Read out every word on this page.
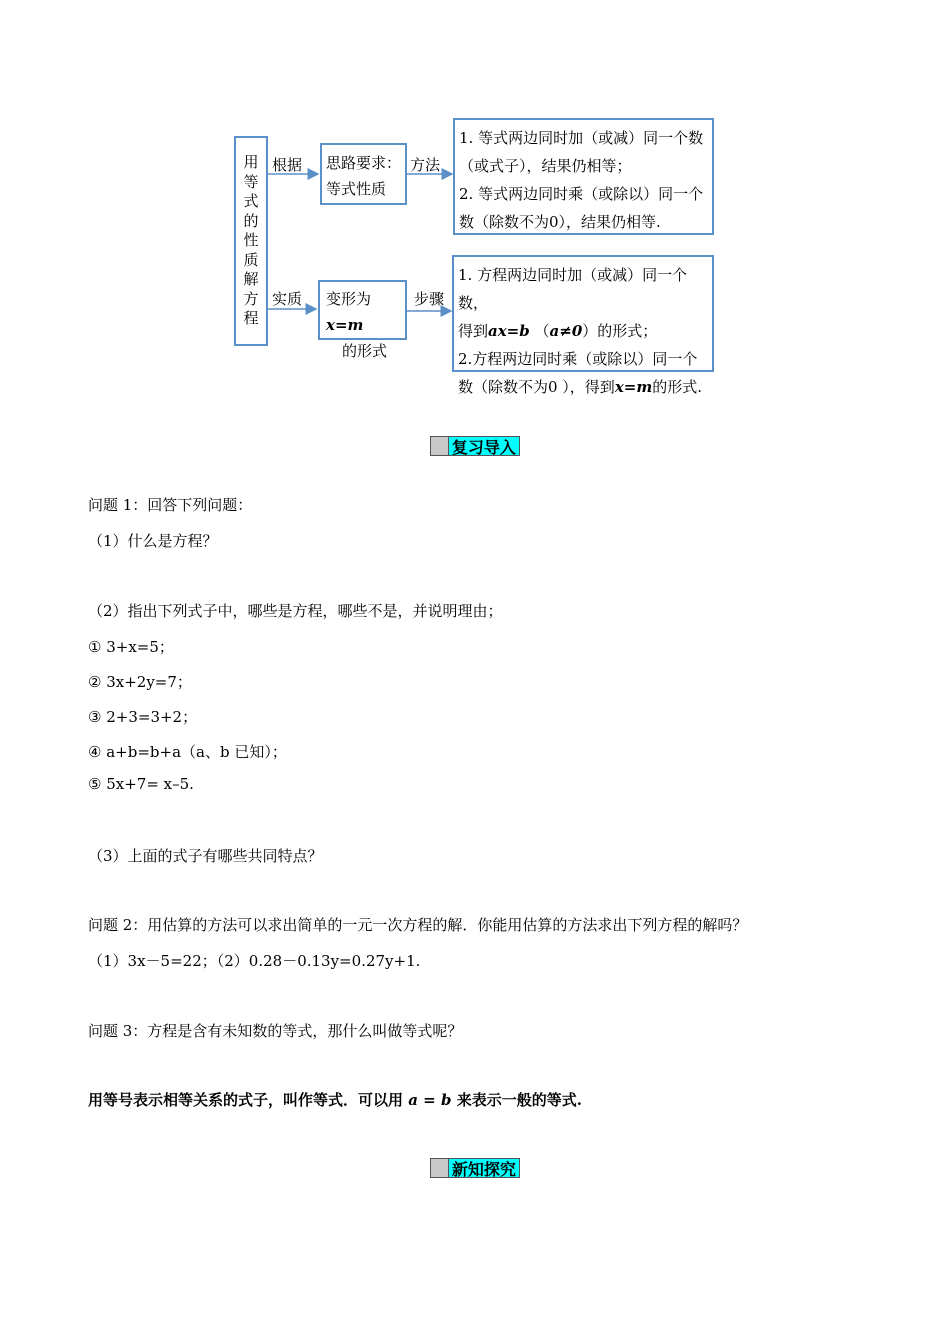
用
等
式
的
性
质
解
方
程
根据
实质
方法
步骤
思路要求：
等式性质
变形为x=m
的形式
1. 等式两边同时加（或减）同一个数
（或式子），结果仍相等；
2. 等式两边同时乘（或除以）同一个
数（除数不为0），结果仍相等.
1. 方程两边同时加（或减）同一个数，
得到ax=b （a≠0）的形式；
2.方程两边同时乘（或除以）同一个
数（除数不为0 ），得到x=m的形式.
复习导入
问题 1：回答下列问题：
（1）什么是方程？
（2）指出下列式子中，哪些是方程，哪些不是，并说明理由；
① 3+x=5；
② 3x+2y=7；
③ 2+3=3+2；
④ a+b=b+a（a、b 已知）；
⑤ 5x+7= x–5.
（3）上面的式子有哪些共同特点？
问题 2：用估算的方法可以求出简单的一元一次方程的解．你能用估算的方法求出下列方程的解吗？
（1）3x－5=22；（2）0.28－0.13y=0.27y+1.
问题 3：方程是含有未知数的等式，那什么叫做等式呢？
用等号表示相等关系的式子，叫作等式．可以用 a = b 来表示一般的等式.
新知探究
